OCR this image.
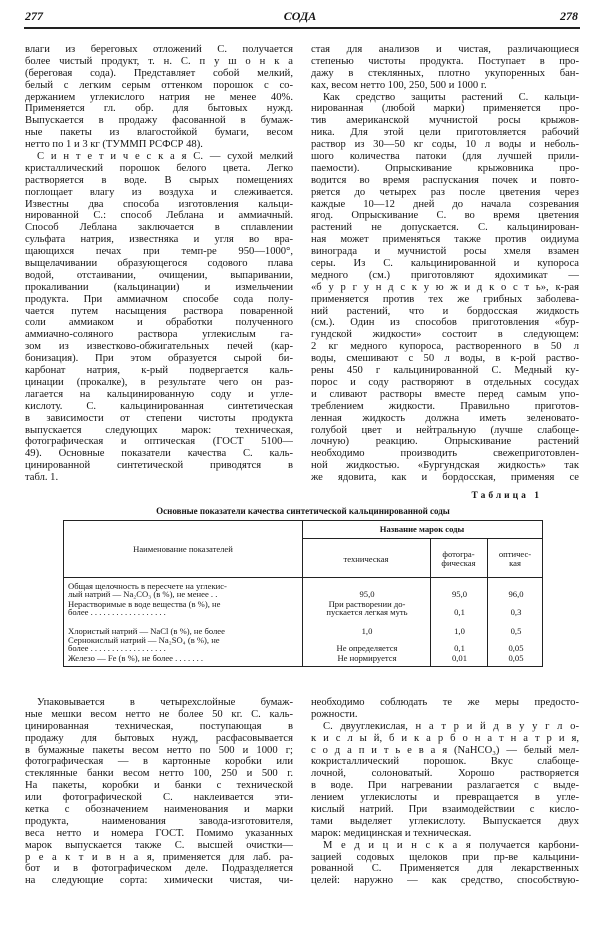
277	СОДА	278
влаги из береговых отложений С. получается
более чистый продукт, т. н. С. п у ш о н к а
(береговая сода). Представляет собой мелкий,
белый с легким серым оттенком порошок с со-
держанием углекислого натрия не менее 40%.
Применяется гл. обр. для бытовых нужд.
Выпускается в продажу фасованной в бумаж-
ные пакеты из влагостойкой бумаги, весом
нетто по 1 и 3 кг (ТУММП РСФСР 48).
С и н т е т и ч е с к а я С. — сухой мелкий
кристаллический порошок белого цвета. Легко
растворяется в воде. В сырых помещениях
поглощает влагу из воздуха и слеживается.
Известны два способа изготовления кальци-
нированной С.: способ Леблана и аммиачный.
Способ Леблана заключается в сплавлении
сульфата натрия, известняка и угля во вра-
щающихся печах при темп-ре 950—1000°,
выщелачивании образующегося содового плава
водой, отстаивании, очищении, выпаривании,
прокаливании (кальцинации) и измельчении
продукта. При аммиачном способе сода полу-
чается путем насыщения раствора поваренной
соли аммиаком и обработки полученного
аммиачно-соляного раствора углекислым га-
зом из известково-обжигательных печей (кар-
бонизация). При этом образуется сырой би-
карбонат натрия, к-рый подвергается каль-
цинации (прокалке), в результате чего он раз-
лагается на кальцинированную соду и угле-
кислоту. С. кальцинированная синтетическая
в зависимости от степени чистоты продукта
выпускается следующих марок: техническая,
фотографическая и оптическая (ГОСТ 5100—
49). Основные показатели качества С. каль-
цинированной синтетической приводятся в
табл. 1.
стая для анализов и чистая, различающиеся
степенью чистоты продукта. Поступает в про-
дажу в стеклянных, плотно укупоренных бан-
ках, весом нетто 100, 250, 500 и 1000 г.
Как средство защиты растений С. кальци-
нированная (любой марки) применяется про-
тив американской мучнистой росы крыжов-
ника. Для этой цели приготовляется рабочий
раствор из 30—50 кг соды, 10 л воды и неболь-
шого количества патоки (для лучшей прили-
паемости). Опрыскивание крыжовника про-
водится во время распускания почек и повто-
ряется до четырех раз после цветения через
каждые 10—12 дней до начала созревания
ягод. Опрыскивание С. во время цветения
растений не допускается. С. кальцинирован-
ная может применяться также против оидиума
винограда и мучнистой росы хмеля взамен
серы. Из С. кальцинированной и купороса
медного (см.) приготовляют ядохимикат —
«б у р г у н д с к у ю ж и д к о с т ь», к-рая
применяется против тех же грибных заболева-
ний растений, что и бордосская жидкость
(см.). Один из способов приготовления «бур-
гундской жидкости» состоит в следующем:
2 кг медного купороса, растворенного в 50 л
воды, смешивают с 50 л воды, в к-рой раство-
рены 450 г кальцинированной С. Медный ку-
порос и соду растворяют в отдельных сосудах
и сливают растворы вместе перед самым упо-
треблением жидкости. Правильно приготов-
ленная жидкость должна иметь зеленовато-
голубой цвет и нейтральную (лучше слабоще-
лочную) реакцию. Опрыскивание растений
необходимо производить свежеприготовлен-
ной жидкостью. «Бургундская жидкость» так
же ядовита, как и бордосская, применяя се
Таблица 1
Основные показатели качества синтетической кальцинированной соды
Наименование показателей
Название марок соды
техническая	фотогра-
фическая
оптичес-
кая
Общая щелочность в пересчете на углекис-
лый натрий — Na₂CO₃ (в %), не менее . .	95,0	95,0	96,0
Нерастворимые в воде вещества (в %), не
более . . . . . . . . . . . . . . . . . .
При растворении до-
пускается легкая муть	0,1	0,3
Хлористый натрий — NaCl (в %), не более	1,0	1,0	0,5
Сернокислый натрий — Na₂SO₄ (в %), не
более . . . . . . . . . . . . . . . . . .	Не определяется	0,1	0,05
Железо — Fe (в %), не более . . . . . . .	Не нормируется	0,01	0,05
Упаковывается в четырехслойные бумаж-
ные мешки весом нетто не более 50 кг. С. каль-
цинированная техническая, поступающая в
продажу для бытовых нужд, расфасовывается
в бумажные пакеты весом нетто по 500 и 1000 г;
фотографическая — в картонные коробки или
стеклянные банки весом нетто 100, 250 и 500 г.
На пакеты, коробки и банки с технической
или фотографической С. наклеивается эти-
кетка с обозначением наименования и марки
продукта, наименования завода-изготовителя,
веса нетто и номера ГОСТ. Помимо указанных
марок выпускается также С. высшей очистки—
р е а к т и в н а я, применяется для лаб. ра-
бот и в фотографическом деле. Подразделяется
на следующие сорта: химически чистая, чи-
необходимо соблюдать те же меры предосто-
рожности.
С. двууглекислая, н а т р и й д в у у г л о-
к и с л ы й, б и к а р б о н а т н а т р и я,
с о д а п и т ь е в а я (NaHCO₃) — белый мел-
кокристаллический порошок. Вкус слабоще-
лочной, солоноватый. Хорошо растворяется
в воде. При нагревании разлагается с выде-
лением углекислоты и превращается в угле-
кислый натрий. При взаимодействии с кисло-
тами выделяет углекислоту. Выпускается двух
марок: медицинская и техническая.
М е д и ц и н с к а я получается карбони-
зацией содовых щелоков при пр-ве кальцини-
рованной С. Применяется для лекарственных
целей: наружно — как средство, способствую-
